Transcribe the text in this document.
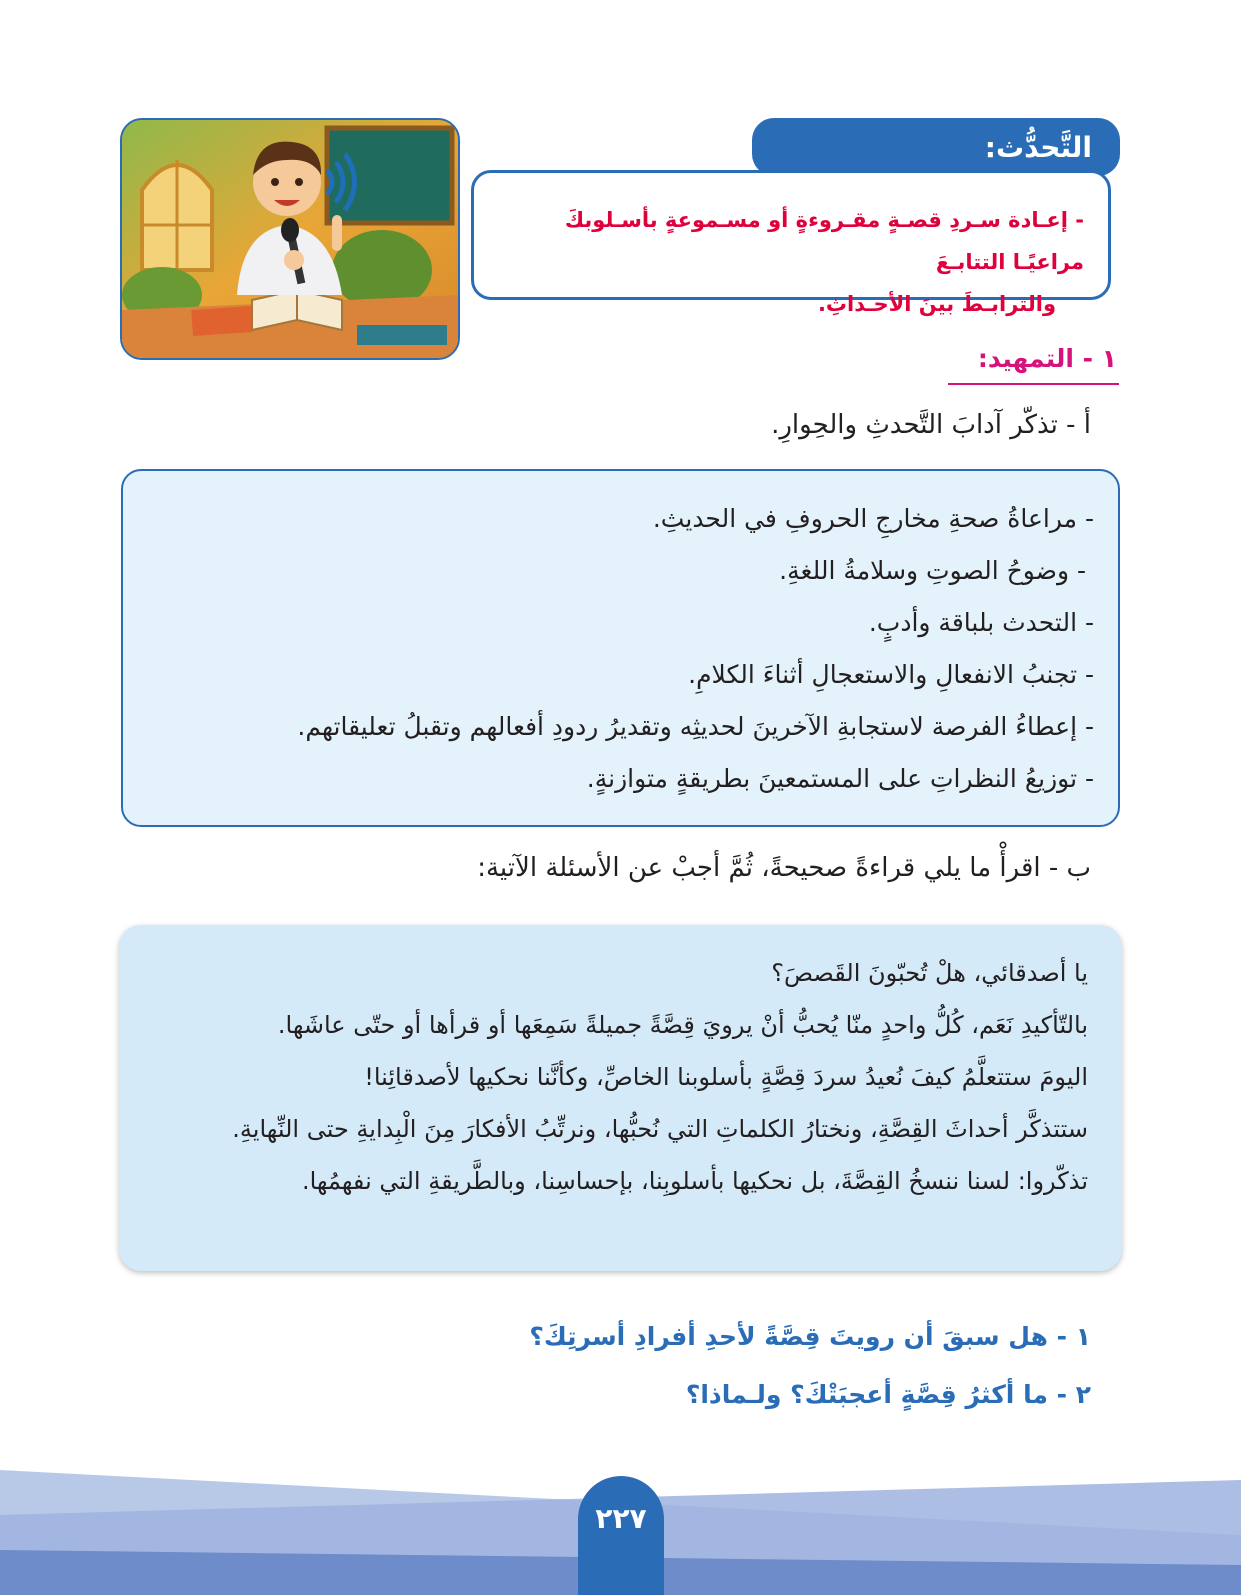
التَّحدُّث:
- إعـادة سـردِ قصـةٍ مقـروءةٍ أو مسـموعةٍ بأسـلوبكَ مراعيًـا التتابـعَ
والترابـطَ بينَ الأحـداثِ.
١ - التمهيد:
أ - تذكّر آدابَ التَّحدثِ والحِوارِ.
- مراعاةُ صحةِ مخارجِ الحروفِ في الحديثِ.
- وضوحُ الصوتِ وسلامةُ اللغةِ.
- التحدث بلباقة وأدبٍ.
- تجنبُ الانفعالِ والاستعجالِ أثناءَ الكلامِ.
- إعطاءُ الفرصة لاستجابةِ الآخرينَ لحديثِه وتقديرُ ردودِ أفعالهم وتقبلُ تعليقاتهم.
- توزيعُ النظراتِ على المستمعينَ بطريقةٍ متوازنةٍ.
ب - اقرأْ ما يلي قراءةً صحيحةً، ثُمَّ أجبْ عن الأسئلة الآتية:

يا أصدقائي، هلْ تُحبّونَ القَصصَ؟

بالتّأكيدِ نَعَم، كُلُّ واحدٍ منّا يُحبُّ أنْ يرويَ قِصَّةً جميلةً سَمِعَها أو قرأها أو حتّى عاشَها.

اليومَ ستتعلَّمُ كيفَ نُعيدُ سردَ قِصَّةٍ بأسلوبنا الخاصِّ، وكأنَّنا نحكيها لأصدقائِنا!

ستتذكَّر أحداثَ القِصَّةِ، ونختارُ الكلماتِ التي نُحبُّها، ونرتِّبُ الأفكارَ مِنَ الْبِدايةِ حتى النِّهايةِ.

تذكّروا: لسنا ننسخُ القِصَّةَ، بل نحكيها بأسلوبِنا، بإحساسِنا، وبالطَّريقةِ التي نفهمُها.

١ - هل سبقَ أن رويتَ قِصَّةً لأحدِ أفرادِ أسرتِكَ؟
٢ - ما أكثرُ قِصَّةٍ أعجبَتْكَ؟ ولـماذا؟
٢٢٧
